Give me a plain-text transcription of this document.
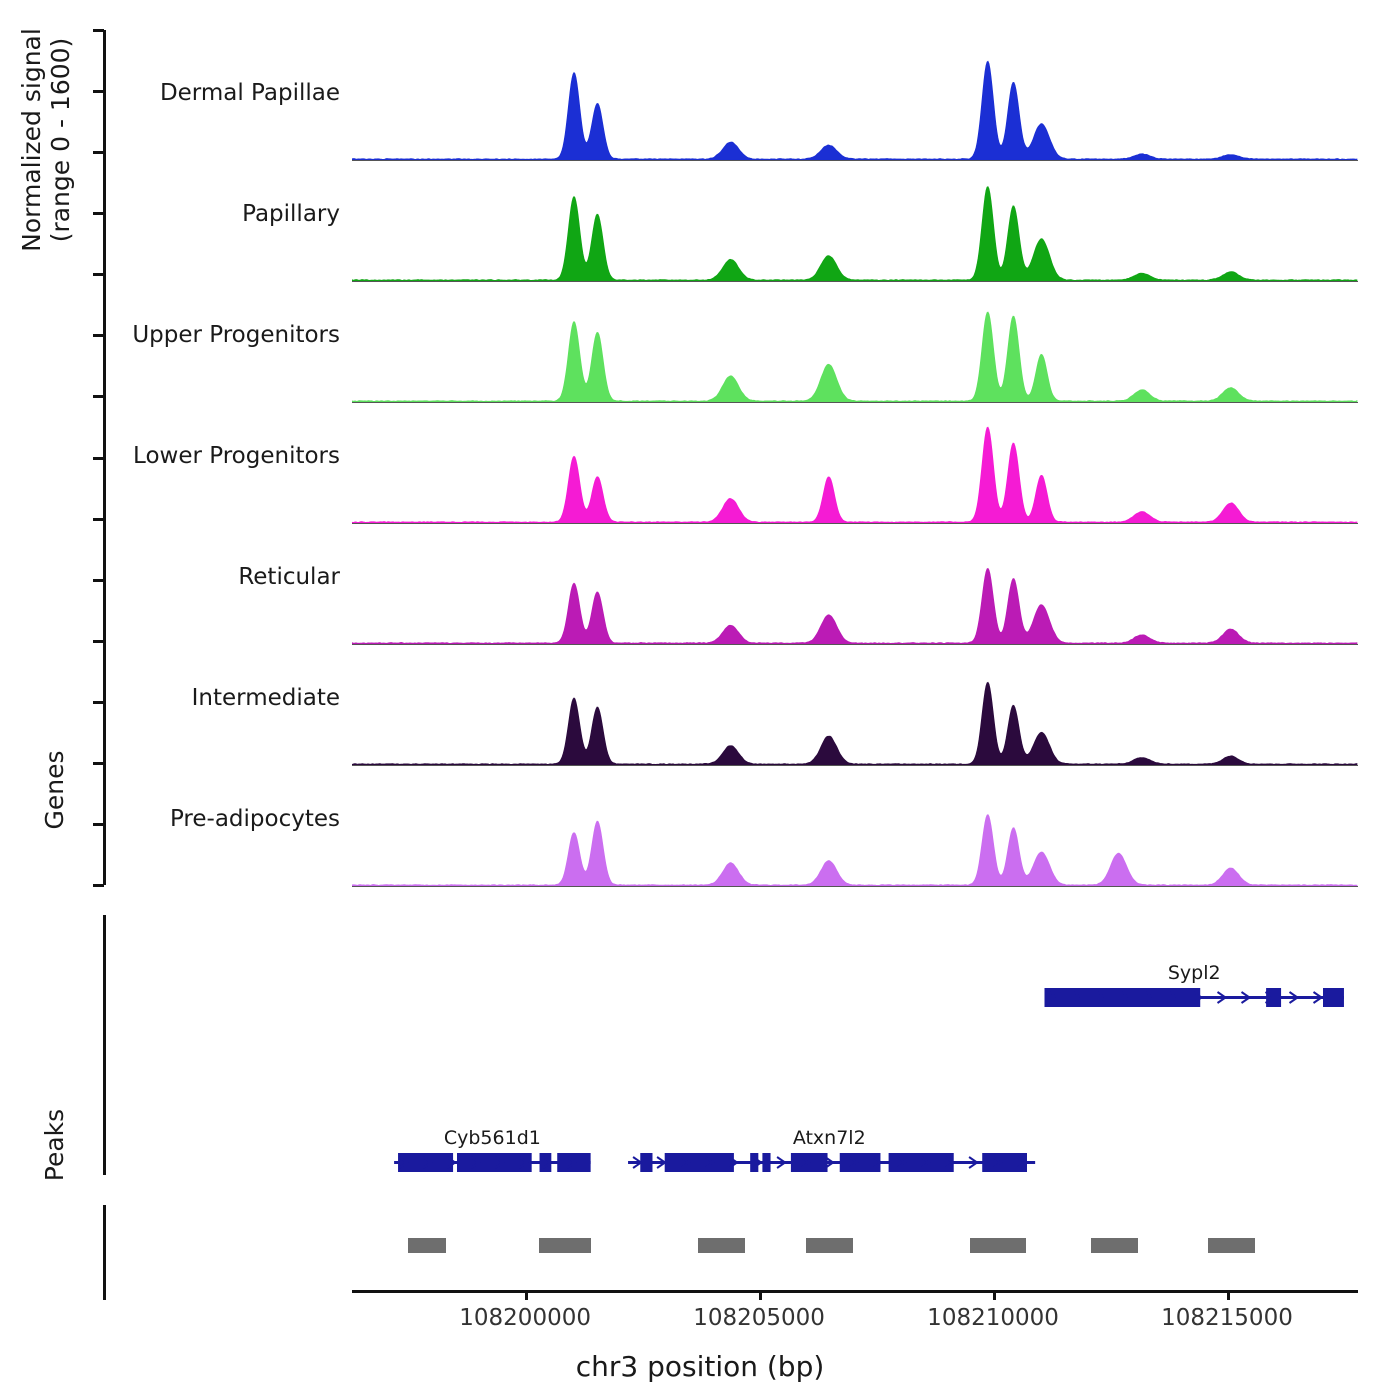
Normalized signal
(range 0 - 1600)
Genes
Peaks
Dermal Papillae
Papillary
Upper Progenitors
Lower Progenitors
Reticular
Intermediate
Pre-adipocytes
Sypl2
Cyb561d1	Atxn7l2
108200000	108205000	108210000	108215000
chr3 position (bp)
